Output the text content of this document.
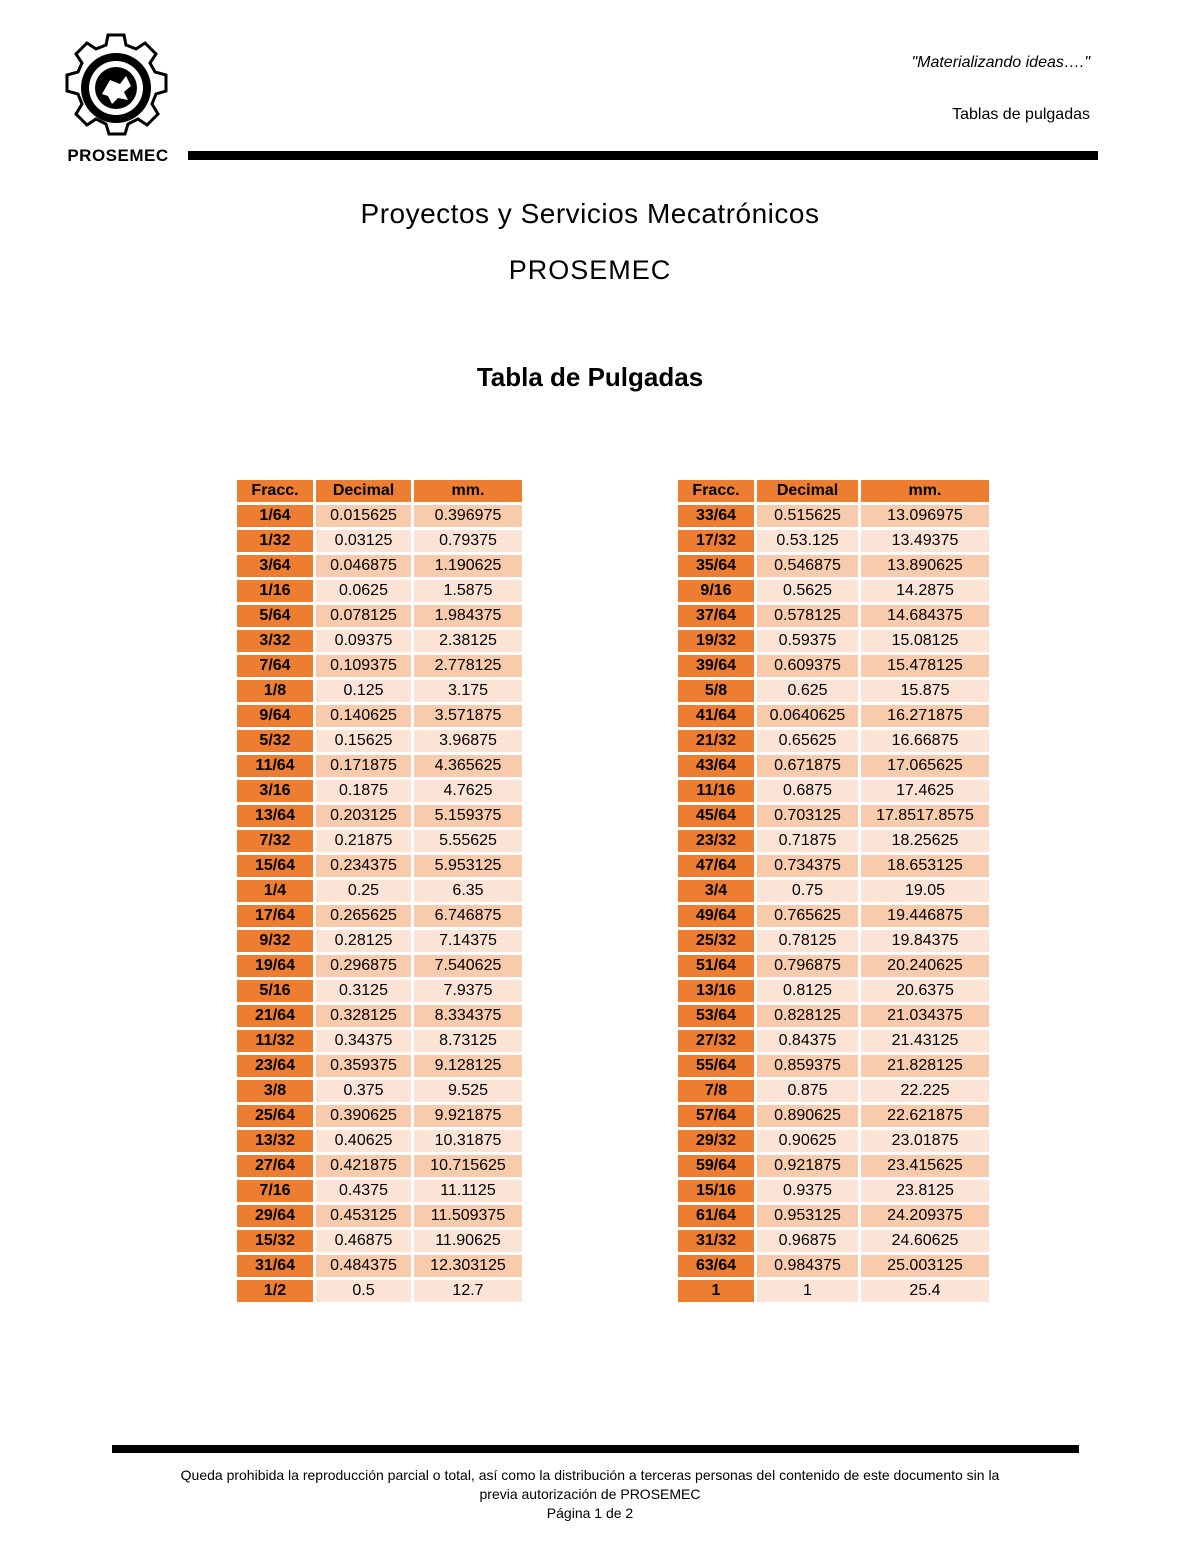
PROSEMEC
"Materializando ideas…."
Tablas de pulgadas
Proyectos y Servicios Mecatrónicos
PROSEMEC
Tabla de Pulgadas
Fracc.	Decimal	mm.
1/64	0.015625	0.396975
1/32	0.03125	0.79375
3/64	0.046875	1.190625
1/16	0.0625	1.5875
5/64	0.078125	1.984375
3/32	0.09375	2.38125
7/64	0.109375	2.778125
1/8	0.125	3.175
9/64	0.140625	3.571875
5/32	0.15625	3.96875
11/64	0.171875	4.365625
3/16	0.1875	4.7625
13/64	0.203125	5.159375
7/32	0.21875	5.55625
15/64	0.234375	5.953125
1/4	0.25	6.35
17/64	0.265625	6.746875
9/32	0.28125	7.14375
19/64	0.296875	7.540625
5/16	0.3125	7.9375
21/64	0.328125	8.334375
11/32	0.34375	8.73125
23/64	0.359375	9.128125
3/8	0.375	9.525
25/64	0.390625	9.921875
13/32	0.40625	10.31875
27/64	0.421875	10.715625
7/16	0.4375	11.1125
29/64	0.453125	11.509375
15/32	0.46875	11.90625
31/64	0.484375	12.303125
1/2	0.5	12.7
Fracc.	Decimal	mm.
33/64	0.515625	13.096975
17/32	0.53.125	13.49375
35/64	0.546875	13.890625
9/16	0.5625	14.2875
37/64	0.578125	14.684375
19/32	0.59375	15.08125
39/64	0.609375	15.478125
5/8	0.625	15.875
41/64	0.0640625	16.271875
21/32	0.65625	16.66875
43/64	0.671875	17.065625
11/16	0.6875	17.4625
45/64	0.703125	17.8517.8575
23/32	0.71875	18.25625
47/64	0.734375	18.653125
3/4	0.75	19.05
49/64	0.765625	19.446875
25/32	0.78125	19.84375
51/64	0.796875	20.240625
13/16	0.8125	20.6375
53/64	0.828125	21.034375
27/32	0.84375	21.43125
55/64	0.859375	21.828125
7/8	0.875	22.225
57/64	0.890625	22.621875
29/32	0.90625	23.01875
59/64	0.921875	23.415625
15/16	0.9375	23.8125
61/64	0.953125	24.209375
31/32	0.96875	24.60625
63/64	0.984375	25.003125
1	1	25.4
Queda prohibida la reproducción parcial o total, así como la distribución a terceras personas del contenido de este documento sin la
previa autorización de PROSEMEC
Página 1 de 2
